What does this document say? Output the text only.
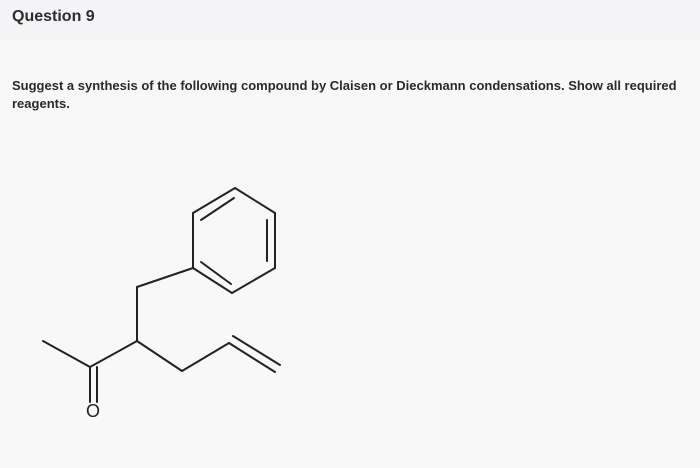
Question 9
Suggest a synthesis of the following compound by Claisen or Dieckmann condensations. Show all required reagents.
O
